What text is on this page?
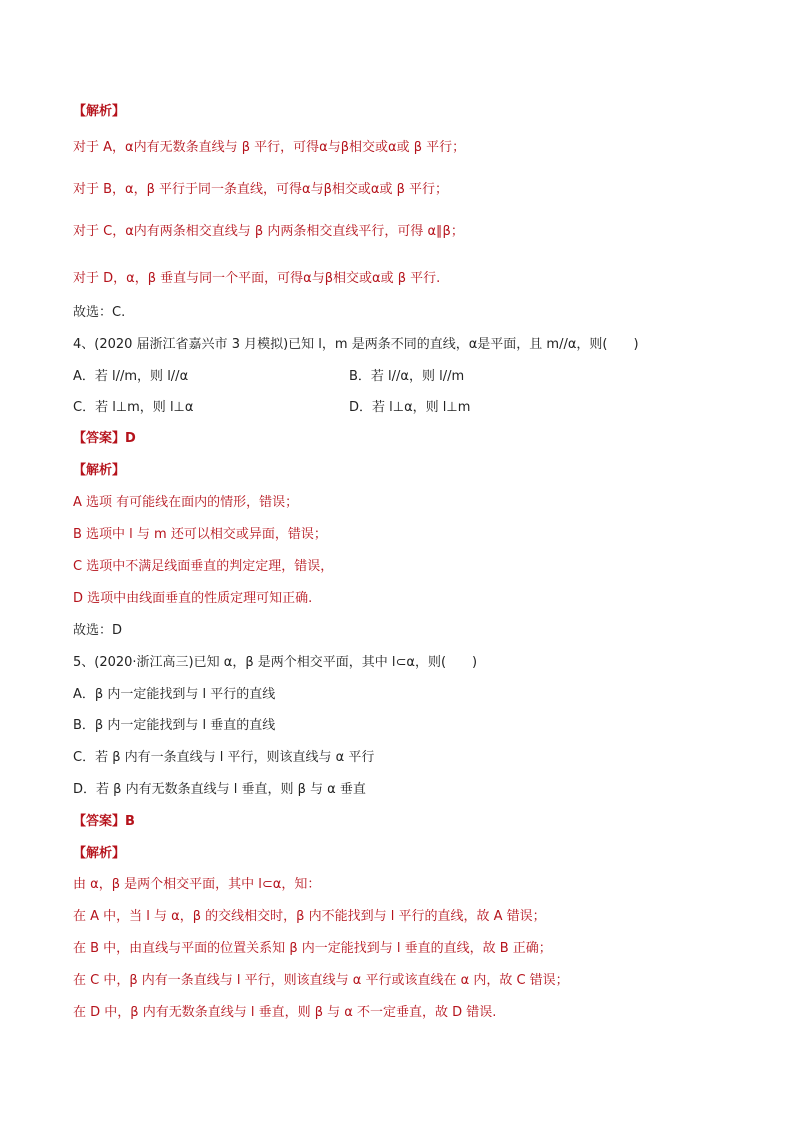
【解析】
对于 A，α内有无数条直线与 β 平行，可得α与β相交或α或 β 平行；
对于 B，α，β 平行于同一条直线，可得α与β相交或α或 β 平行；
对于 C，α内有两条相交直线与 β 内两条相交直线平行，可得 α∥β；
对于 D，α，β 垂直与同一个平面，可得α与β相交或α或 β 平行.
故选：C.
4、(2020 届浙江省嘉兴市 3 月模拟)已知 l，m 是两条不同的直线，α是平面，且 m//α，则(　　)
【答案】D
【解析】
A 选项 有可能线在面内的情形，错误；
B 选项中 l 与 m 还可以相交或异面，错误；
C 选项中不满足线面垂直的判定定理，错误，
D 选项中由线面垂直的性质定理可知正确.
故选：D
5、(2020·浙江高三)已知 α，β 是两个相交平面，其中 l⊂α，则(　　)
A．β 内一定能找到与 l 平行的直线
B．β 内一定能找到与 l 垂直的直线
C．若 β 内有一条直线与 l 平行，则该直线与 α 平行
D．若 β 内有无数条直线与 l 垂直，则 β 与 α 垂直
【答案】B
【解析】
由 α，β 是两个相交平面，其中 l⊂α，知：
在 A 中，当 l 与 α，β 的交线相交时，β 内不能找到与 l 平行的直线，故 A 错误；
在 B 中，由直线与平面的位置关系知 β 内一定能找到与 l 垂直的直线，故 B 正确；
在 C 中，β 内有一条直线与 l 平行，则该直线与 α 平行或该直线在 α 内，故 C 错误；
在 D 中，β 内有无数条直线与 l 垂直，则 β 与 α 不一定垂直，故 D 错误.
A．若 l//m，则 l//α	B．若 l//α，则 l//m
C．若 l⊥m，则 l⊥α	D．若 l⊥α，则 l⊥m
